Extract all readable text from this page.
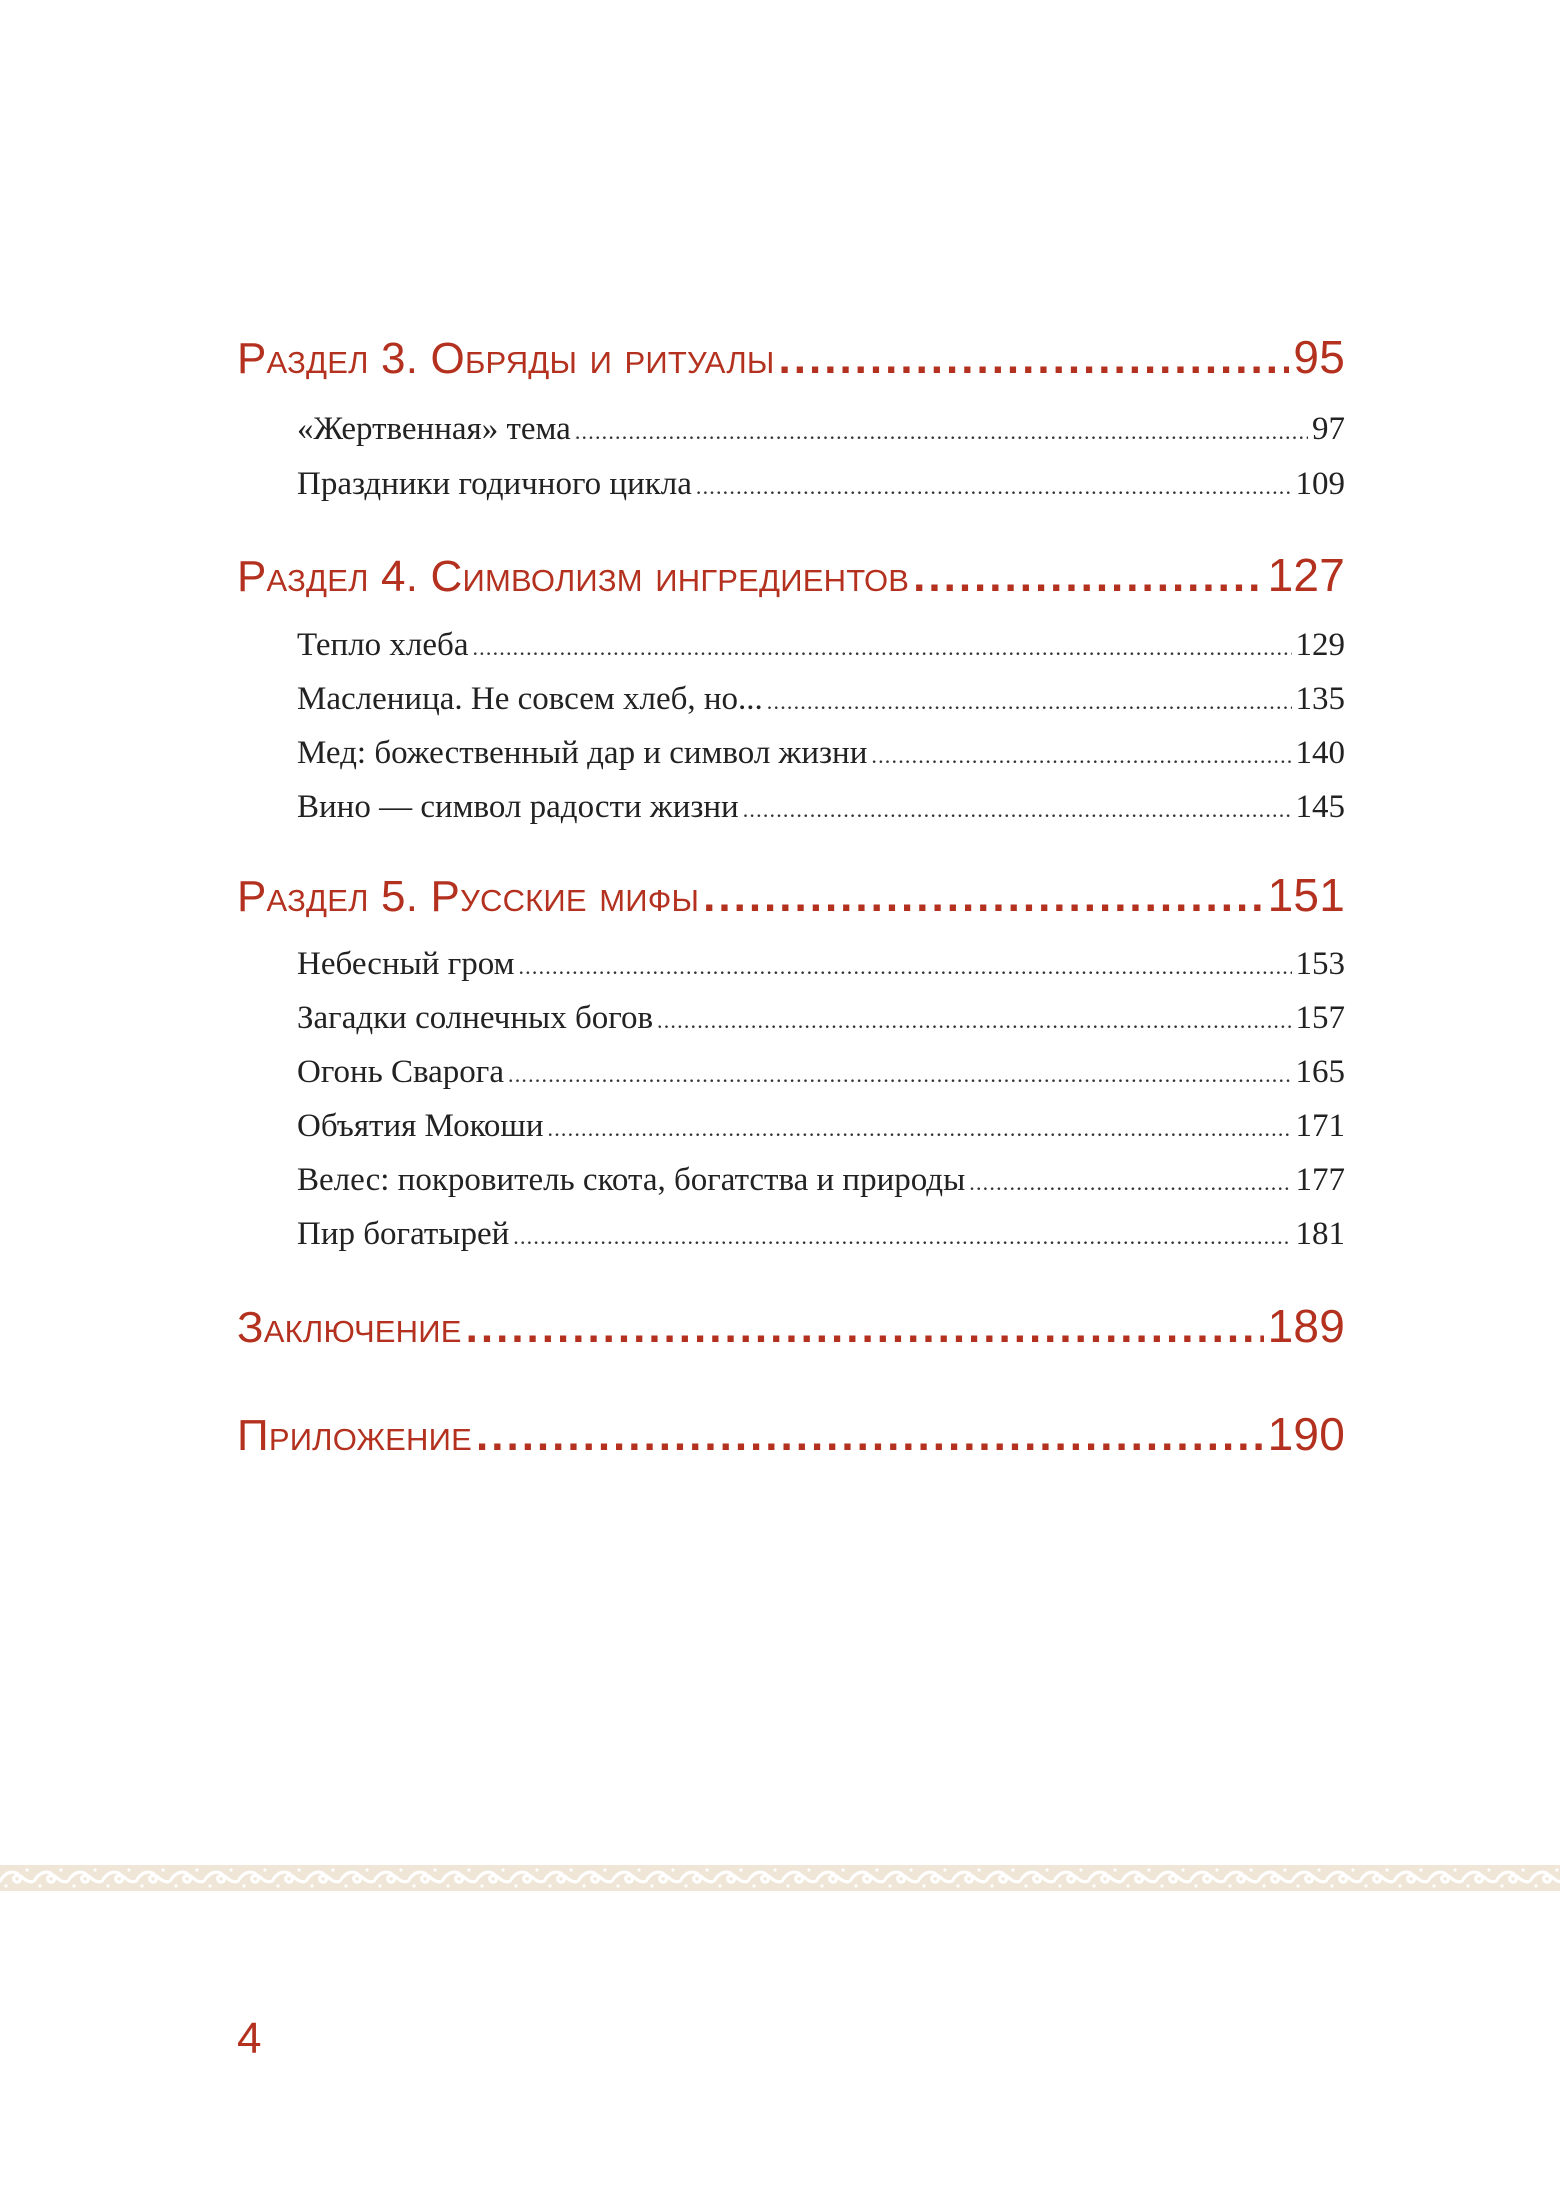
Раздел 3. Обряды и ритуалы .....	95
«Жертвенная» тема .....	97
Праздники годичного цикла .....	109
Раздел 4. Символизм ингредиентов .....	127
Тепло хлеба .....	129
Масленица. Не совсем хлеб, но... .....	135
Мед: божественный дар и символ жизни .....	140
Вино — символ радости жизни .....	145
Раздел 5. Русские мифы .....	151
Небесный гром .....	153
Загадки солнечных богов .....	157
Огонь Сварога .....	165
Объятия Мокоши .....	171
Велес: покровитель скота, богатства и природы .....	177
Пир богатырей .....	181
Заключение .....	189
Приложение .....	190
4
